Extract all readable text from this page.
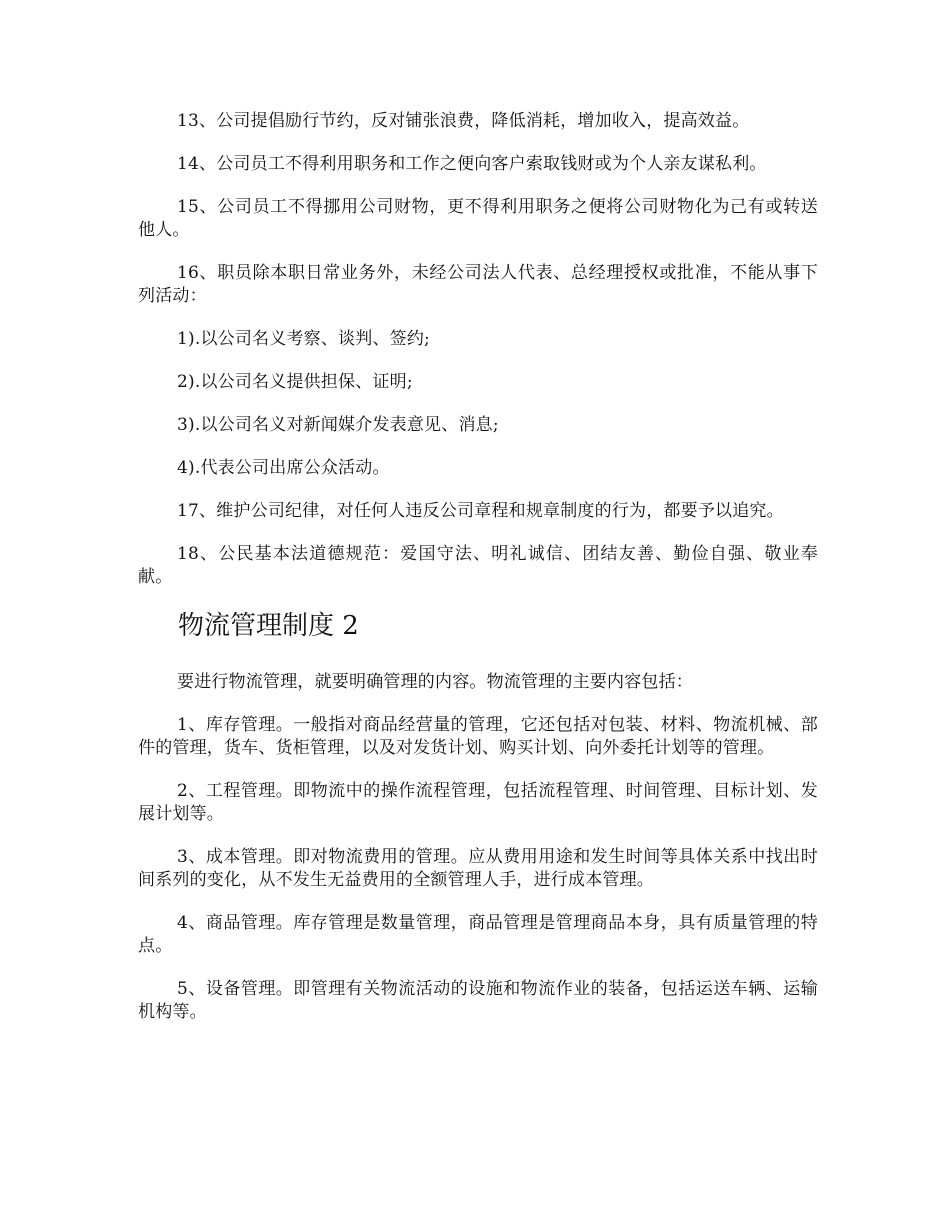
13、公司提倡励行节约，反对铺张浪费，降低消耗，增加收入，提高效益。

14、公司员工不得利用职务和工作之便向客户索取钱财或为个人亲友谋私利。

15、公司员工不得挪用公司财物，更不得利用职务之便将公司财物化为己有或转送他人。

16、职员除本职日常业务外，未经公司法人代表、总经理授权或批准，不能从事下列活动：

1).以公司名义考察、谈判、签约;

2).以公司名义提供担保、证明;

3).以公司名义对新闻媒介发表意见、消息;

4).代表公司出席公众活动。

17、维护公司纪律，对任何人违反公司章程和规章制度的行为，都要予以追究。

18、公民基本法道德规范：爱国守法、明礼诚信、团结友善、勤俭自强、敬业奉献。

物流管理制度 2

要进行物流管理，就要明确管理的内容。物流管理的主要内容包括：

1、库存管理。一般指对商品经营量的管理，它还包括对包装、材料、物流机械、部件的管理，货车、货柜管理，以及对发货计划、购买计划、向外委托计划等的管理。

2、工程管理。即物流中的操作流程管理，包括流程管理、时间管理、目标计划、发展计划等。

3、成本管理。即对物流费用的管理。应从费用用途和发生时间等具体关系中找出时间系列的变化，从不发生无益费用的全额管理人手，进行成本管理。

4、商品管理。库存管理是数量管理，商品管理是管理商品本身，具有质量管理的特点。

5、设备管理。即管理有关物流活动的设施和物流作业的装备，包括运送车辆、运输机构等。
